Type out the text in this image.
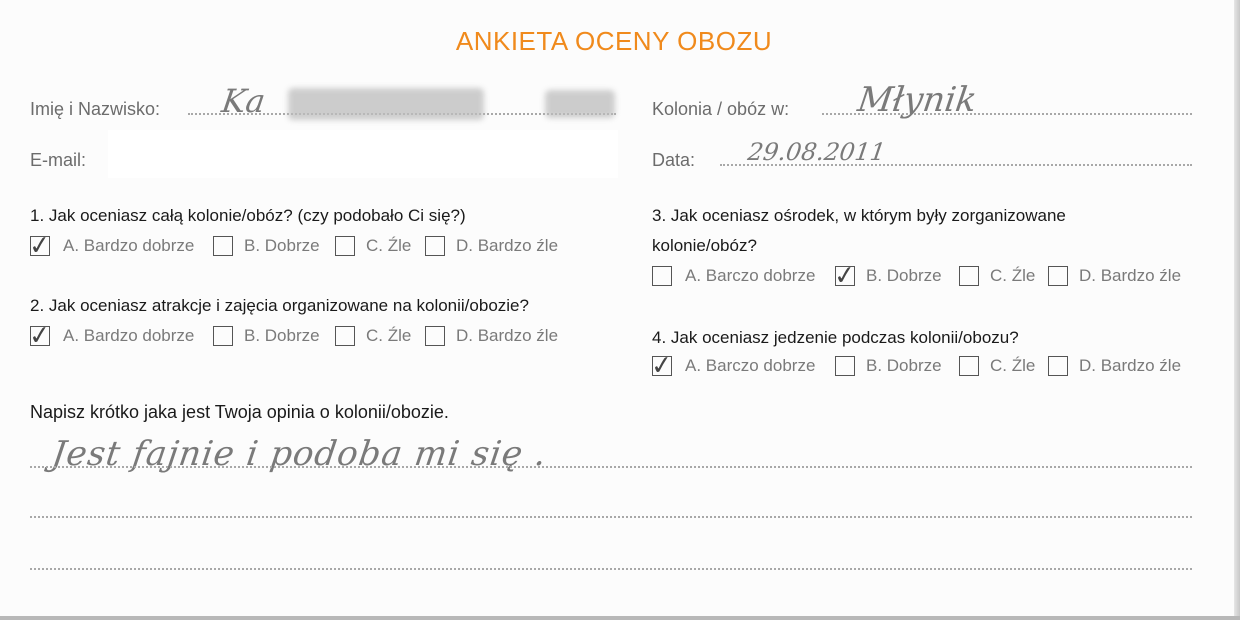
ANKIETA OCENY OBOZU
Imię i Nazwisko: Ka
E-mail:
Kolonia / obóz w: Młynik
Data: 29.08.2011
1. Jak oceniasz całą kolonie/obóz? (czy podobało Ci się?)
✓ A. Bardzo dobrze	B. Dobrze	C. Źle	D. Bardzo źle
2. Jak oceniasz atrakcje i zajęcia organizowane na kolonii/obozie?
✓ A. Bardzo dobrze	B. Dobrze	C. Źle	D. Bardzo źle
3. Jak oceniasz ośrodek, w którym były zorganizowane
kolonie/obóz?
A. Barczo dobrze ✓ B. Dobrze	C. Źle	D. Bardzo źle
4. Jak oceniasz jedzenie podczas kolonii/obozu?
✓ A. Barczo dobrze	B. Dobrze	C. Źle	D. Bardzo źle
Napisz krótko jaka jest Twoja opinia o kolonii/obozie.
Jest fajnie i podoba mi się .
